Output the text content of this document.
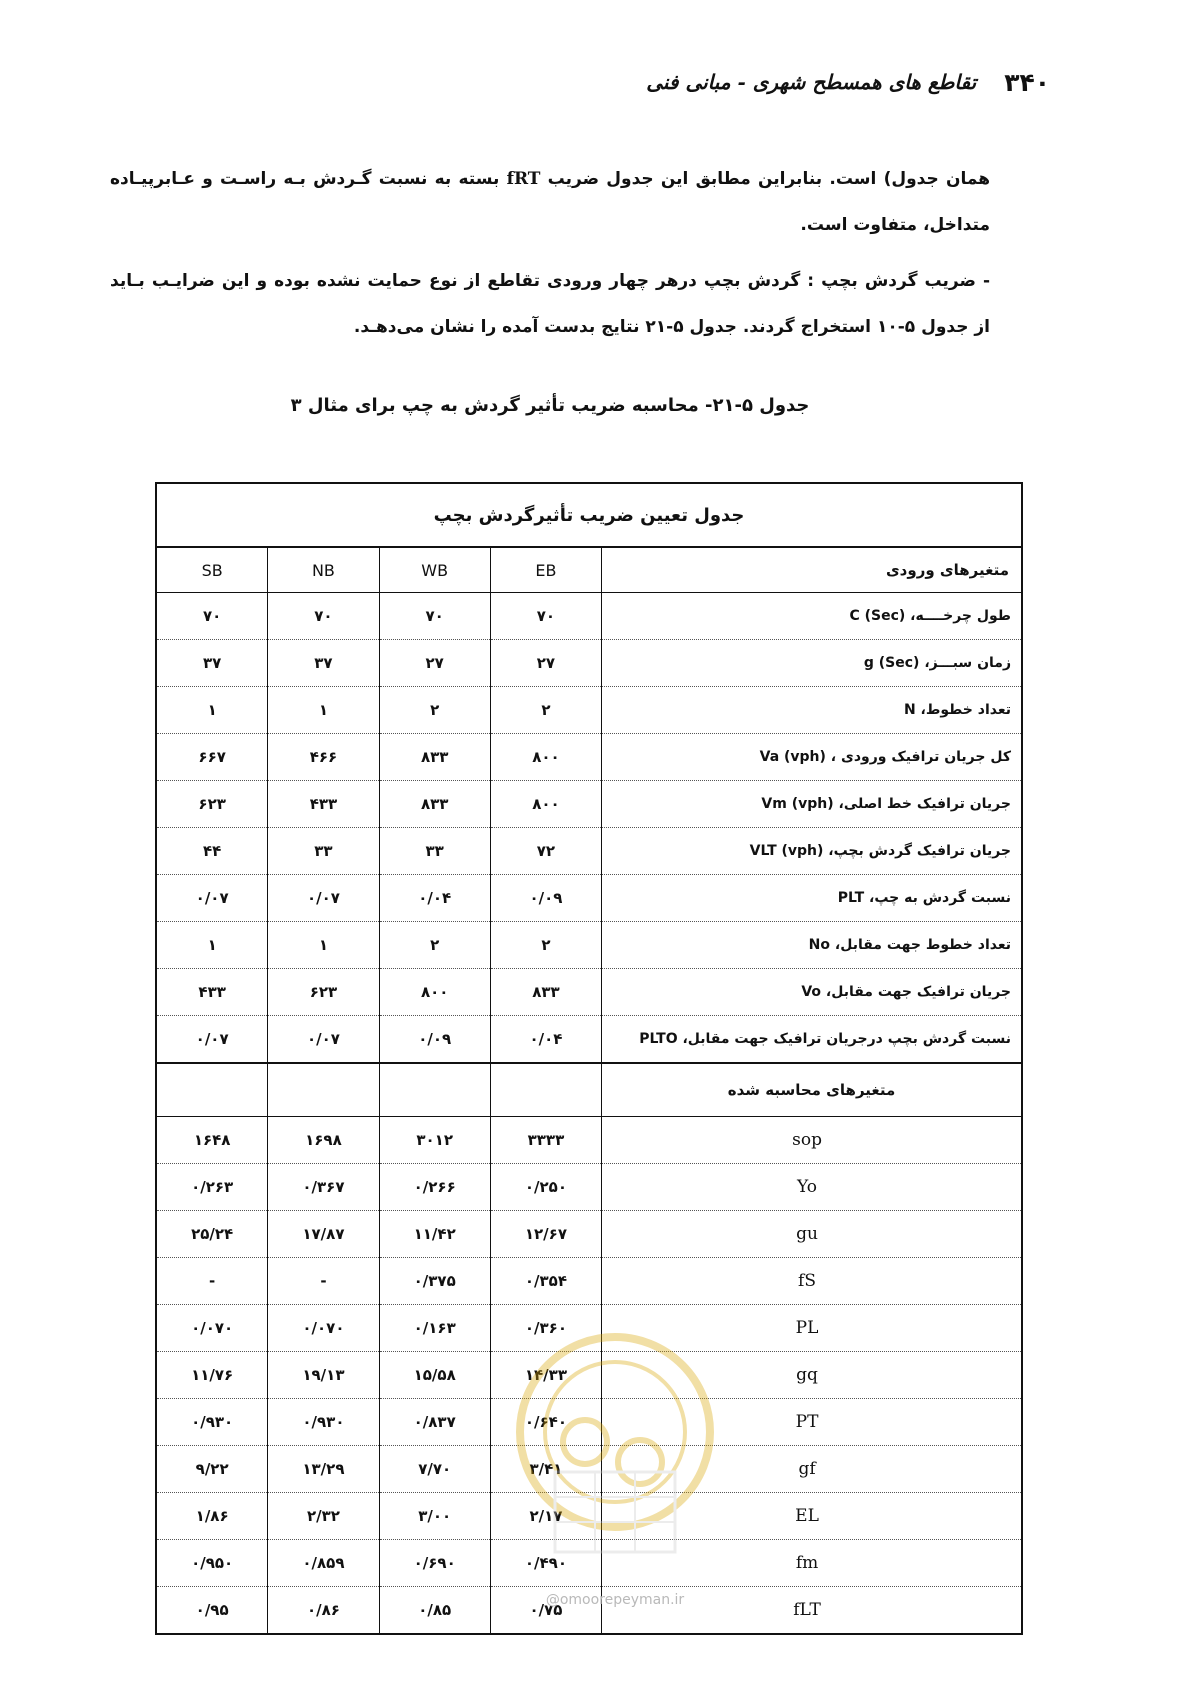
۳۴۰
تقاطع های همسطح شهری - مبانی فنی
همان جدول) است. بنابراین مطابق این جدول ضریب fRT بسته به نسبت گـردش بـه راسـت و عـابرپیـاده متداخل، متفاوت است.
- ضریب گردش بچپ : گردش بچپ درهر چهار ورودی تقاطع از نوع حمایت نشده بوده و این ضرایـب بـاید از جدول ۵-۱۰ استخراج گردند. جدول ۵-۲۱ نتایج بدست آمده را نشان می‌دهـد.
جدول ۵-۲۱- محاسبه ضریب تأثیر گردش به چپ برای مثال ۳
جدول تعیین ضریب تأثیرگردش بچپ				
متغیرهای ورودی	EB	WB	NB	SB
طول چرخــــه، C (Sec)	۷۰	۷۰	۷۰	۷۰
زمان سبـــز، g (Sec)	۲۷	۲۷	۳۷	۳۷
تعداد خطوط، N	۲	۲	۱	۱
کل جریان ترافیک ورودی ، Va (vph)	۸۰۰	۸۳۳	۴۶۶	۶۶۷
جریان ترافیک خط اصلی، Vm (vph)	۸۰۰	۸۳۳	۴۳۳	۶۲۳
جریان ترافیک گردش بچپ، VLT (vph)	۷۲	۳۳	۳۳	۴۴
نسبت گردش به چپ، PLT	۰/۰۹	۰/۰۴	۰/۰۷	۰/۰۷
تعداد خطوط جهت مقابل، No	۲	۲	۱	۱
جریان ترافیک جهت مقابل، Vo	۸۳۳	۸۰۰	۶۲۳	۴۳۳
نسبت گردش بچپ درجریان ترافیک جهت مقابل، PLTO	۰/۰۴	۰/۰۹	۰/۰۷	۰/۰۷
متغیرهای محاسبه شده				
sop	۳۳۳۳	۳۰۱۲	۱۶۹۸	۱۶۴۸
Yo	۰/۲۵۰	۰/۲۶۶	۰/۳۶۷	۰/۲۶۳
gu	۱۲/۶۷	۱۱/۴۲	۱۷/۸۷	۲۵/۲۴
fS	۰/۳۵۴	۰/۳۷۵	-	-
PL	۰/۳۶۰	۰/۱۶۳	۰/۰۷۰	۰/۰۷۰
gq	۱۴/۳۳	۱۵/۵۸	۱۹/۱۳	۱۱/۷۶
PT	۰/۶۴۰	۰/۸۳۷	۰/۹۳۰	۰/۹۳۰
gf	۳/۴۱	۷/۷۰	۱۳/۲۹	۹/۲۲
EL	۲/۱۷	۳/۰۰	۲/۳۲	۱/۸۶
fm	۰/۴۹۰	۰/۶۹۰	۰/۸۵۹	۰/۹۵۰
fLT	۰/۷۵	۰/۸۵	۰/۸۶	۰/۹۵
@omoorepeyman.ir
